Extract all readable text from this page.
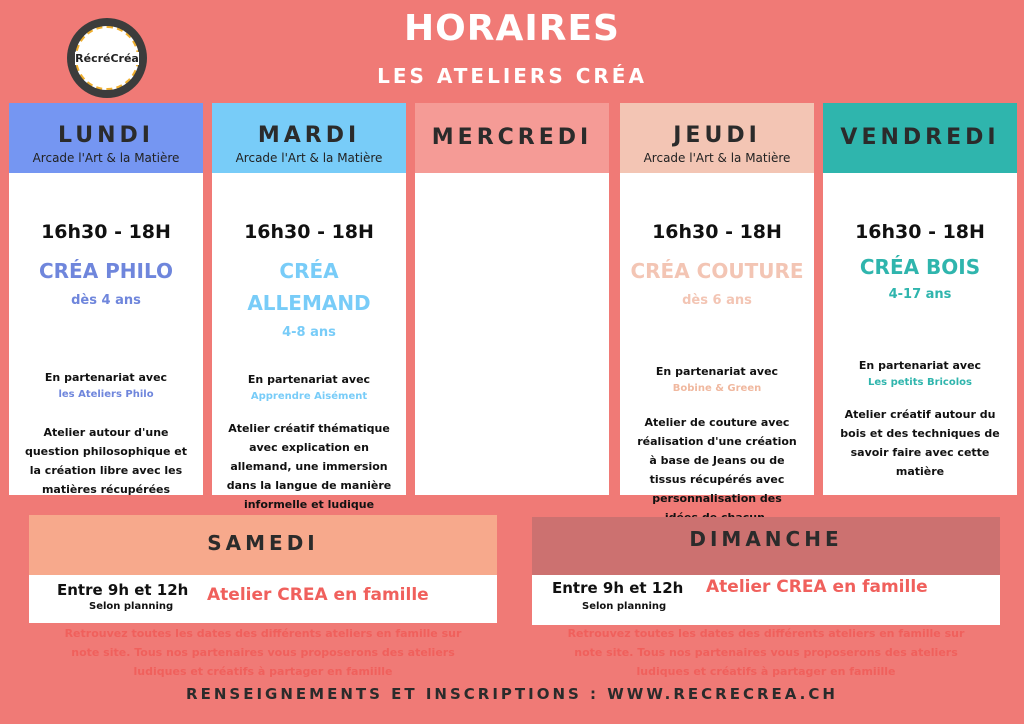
RécréCréa
HORAIRES
LES ATELIERS CRÉA
LUNDI
Arcade l'Art & la Matière
16h30 - 18H
CRÉA PHILO
dès 4 ans
En partenariat avec
les Ateliers Philo
Atelier autour d'une question philosophique et la création libre avec les matières récupérées
MARDI
Arcade l'Art & la Matière
16h30 - 18H
CRÉA
ALLEMAND
4-8 ans
En partenariat avec
Apprendre Aisément
Atelier créatif thématique avec explication en allemand, une immersion dans la langue de manière informelle et ludique
MERCREDI	JEUDI
Arcade l'Art & la Matière
16h30 - 18H
CRÉA COUTURE
dès 6 ans
En partenariat avec
Bobine & Green
Atelier de couture avec réalisation d'une création à base de Jeans ou de tissus récupérés avec personnalisation des
VENDREDI
16h30 - 18H
CRÉA BOIS
4-17 ans
En partenariat avec
Les petits Bricolos
Atelier créatif autour du bois et des techniques de savoir faire avec cette matière
SAMEDI
Entre 9h et 12h
Selon planning
Atelier CREA en famille
Retrouvez toutes les dates des différents ateliers en famille sur note site. Tous nos partenaires vous proposerons des ateliers ludiques et créatifs à partager en famiille
DIMANCHE
Entre 9h et 12h
Selon planning
Atelier CREA en famille
Retrouvez toutes les dates des différents ateliers en famille sur note site. Tous nos partenaires vous proposerons des ateliers ludiques et créatifs à partager en famiille
RENSEIGNEMENTS ET INSCRIPTIONS : WWW.RECRECREA.CH
